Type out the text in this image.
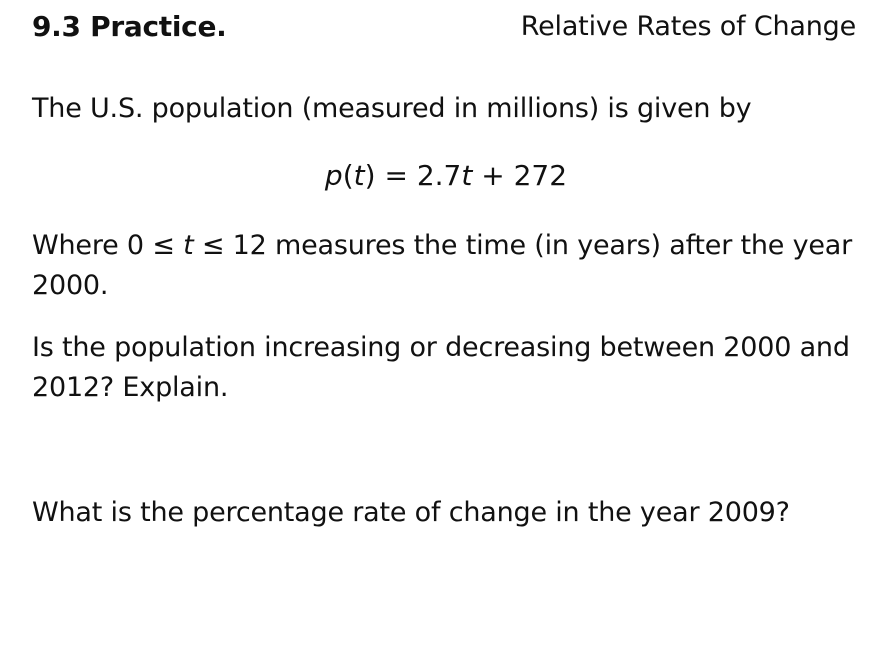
9.3 Practice.	Relative Rates of Change
The U.S. population (measured in millions) is given by
p(t) = 2.7t + 272
Where 0 ≤ t ≤ 12 measures the time (in years) after the year 2000.
Is the population increasing or decreasing between 2000 and 2012? Explain.
What is the percentage rate of change in the year 2009?
